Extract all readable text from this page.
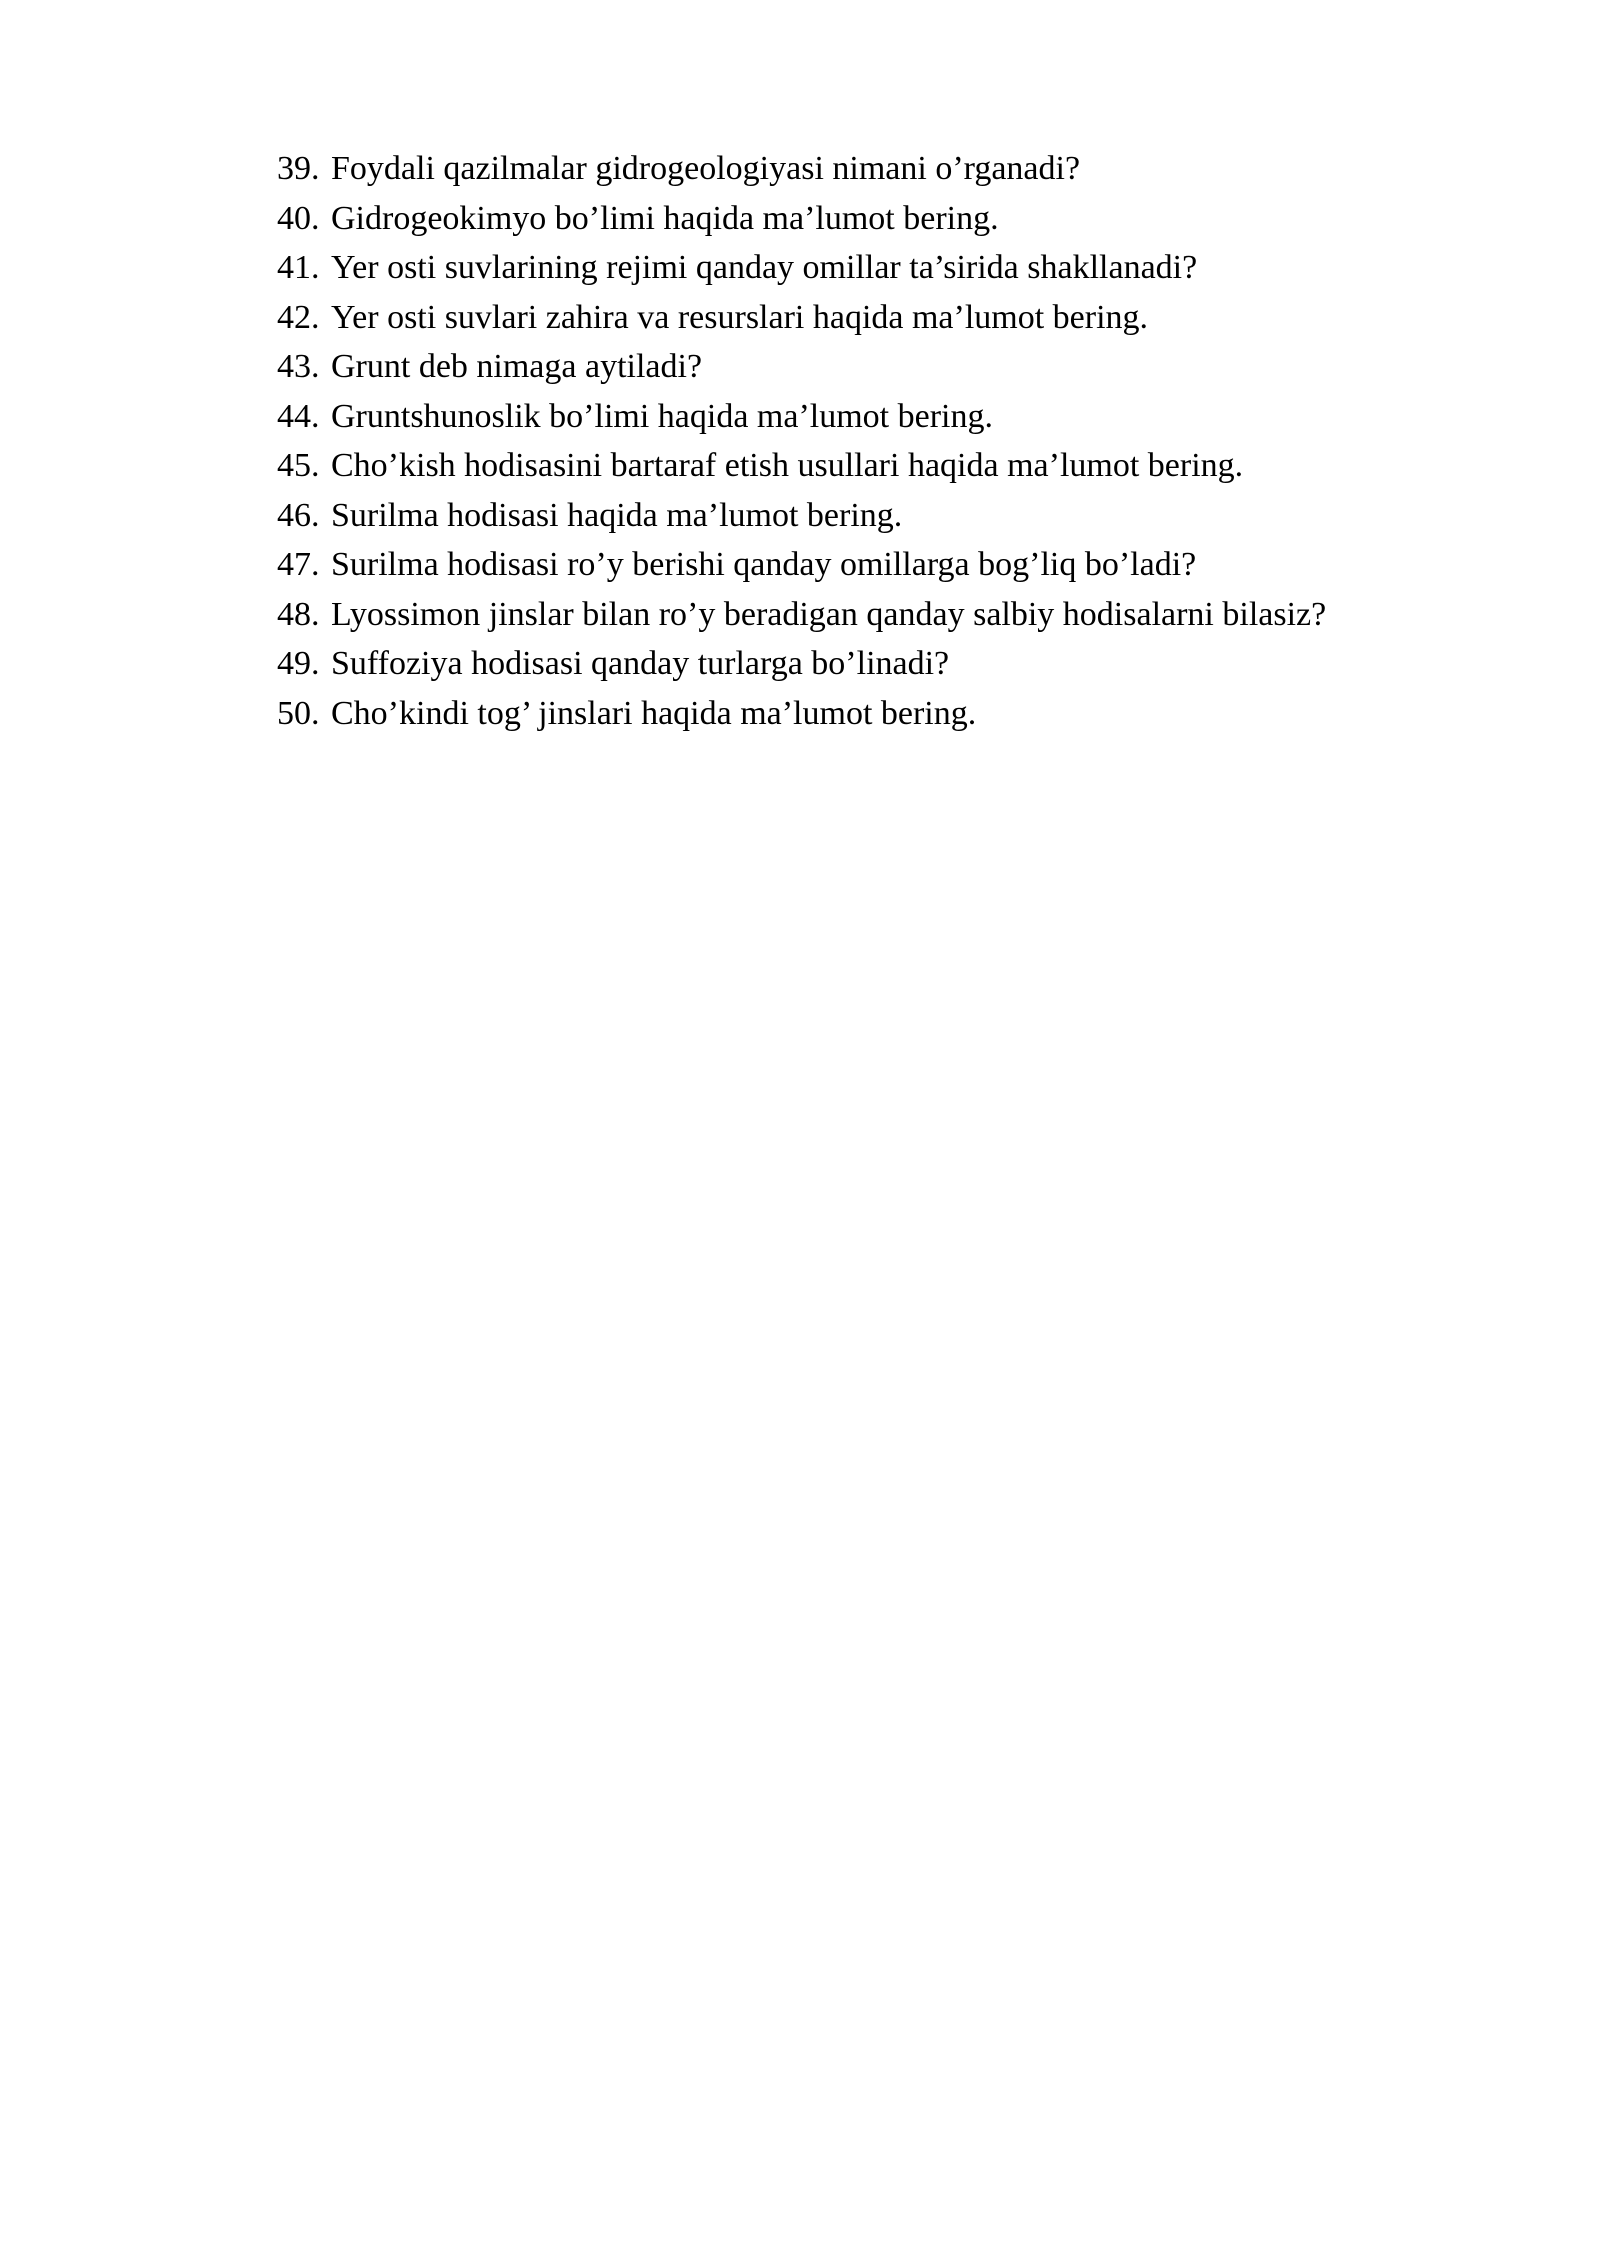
39. Foydali qazilmalar gidrogeologiyasi nimani o’rganadi?
40. Gidrogeokimyo bo’limi haqida ma’lumot bering.
41. Yer osti suvlarining rejimi qanday omillar ta’sirida shakllanadi?
42. Yer osti suvlari zahira va resurslari haqida ma’lumot bering.
43. Grunt deb nimaga aytiladi?
44. Gruntshunoslik bo’limi haqida ma’lumot bering.
45. Cho’kish hodisasini bartaraf etish usullari haqida ma’lumot bering.
46. Surilma hodisasi haqida ma’lumot bering.
47. Surilma hodisasi ro’y berishi qanday omillarga bog’liq bo’ladi?
48. Lyossimon jinslar bilan ro’y beradigan qanday salbiy hodisalarni bilasiz?
49. Suffoziya hodisasi qanday turlarga bo’linadi?
50. Cho’kindi tog’ jinslari haqida ma’lumot bering.
